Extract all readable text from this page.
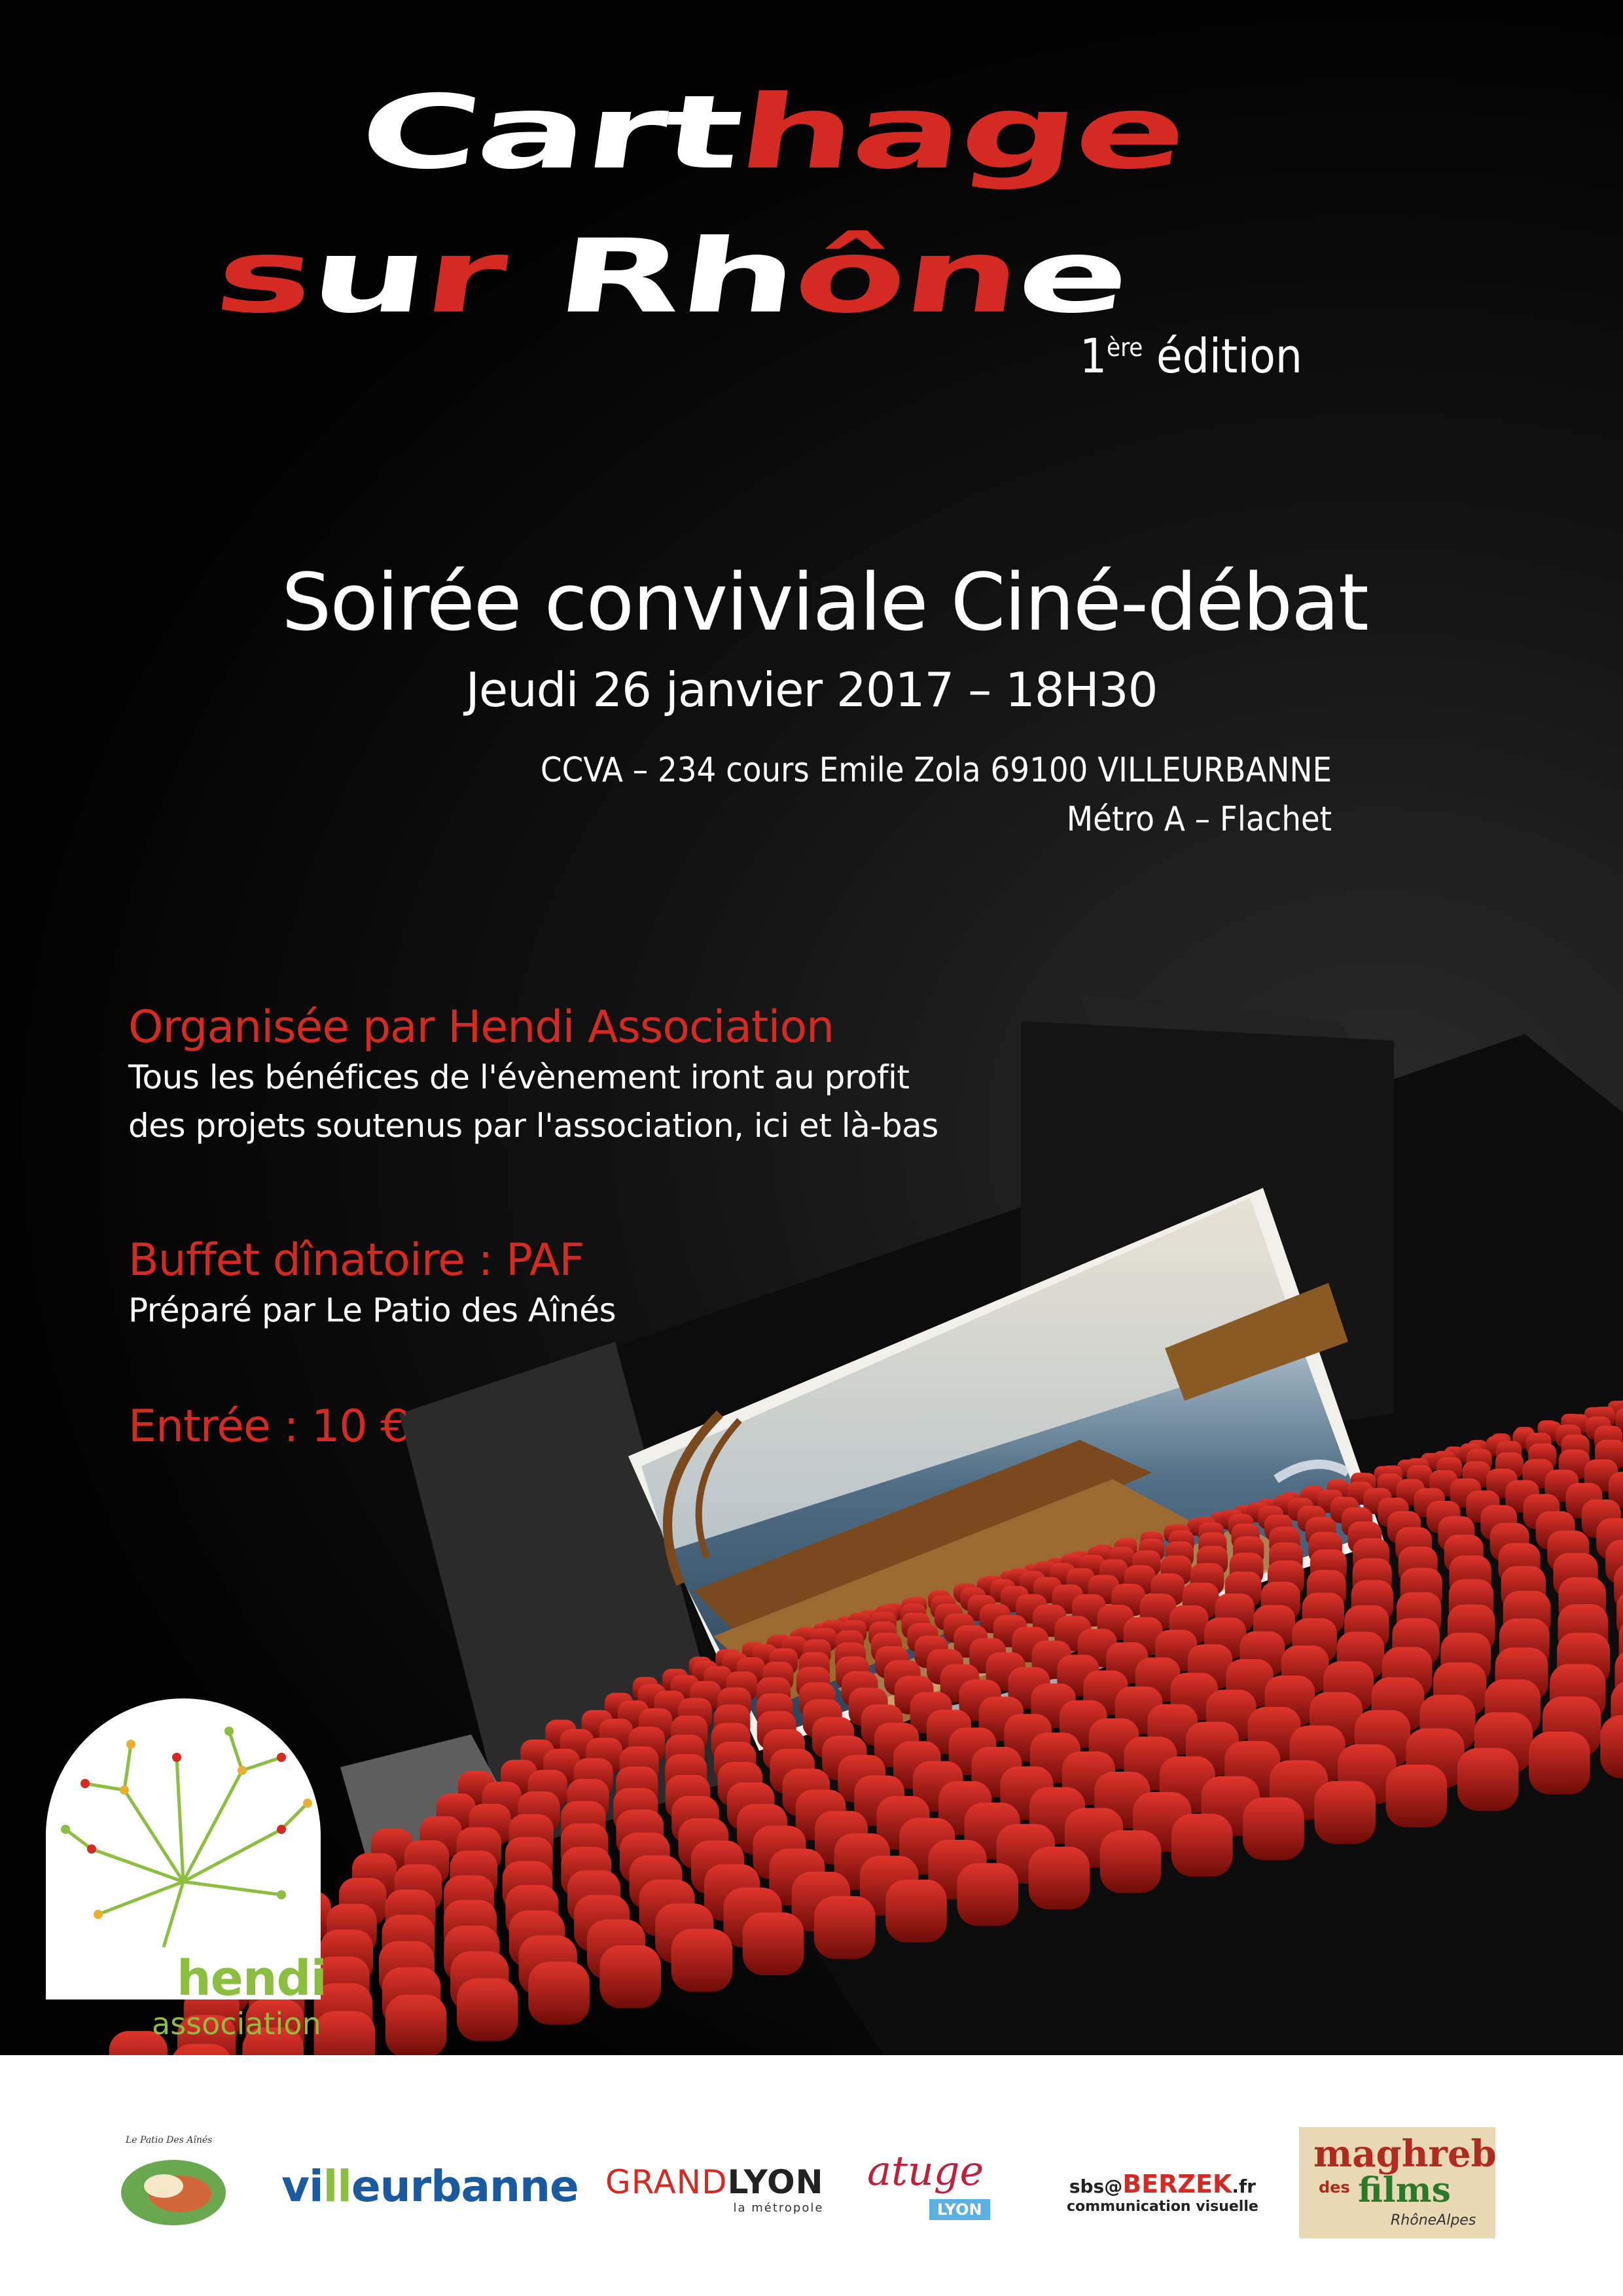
Carthage
sur Rhône
1ère édition
Soirée conviviale Ciné-débat
Jeudi 26 janvier 2017 – 18H30
CCVA – 234 cours Emile Zola 69100 VILLEURBANNE
Métro A – Flachet
Organisée par Hendi Association
Tous les bénéfices de l'évènement iront au profit
des projets soutenus par l'association, ici et là-bas
Buffet dînatoire : PAF
Préparé par Le Patio des Aînés
Entrée : 10 €
hendi
association
Le Patio Des Aînés
villeurbanne GRANDLYON
la métropole
atuge
LYON
sbs@BERZEK.fr
communication visuelle
maghreb
des films
RhôneAlpes
